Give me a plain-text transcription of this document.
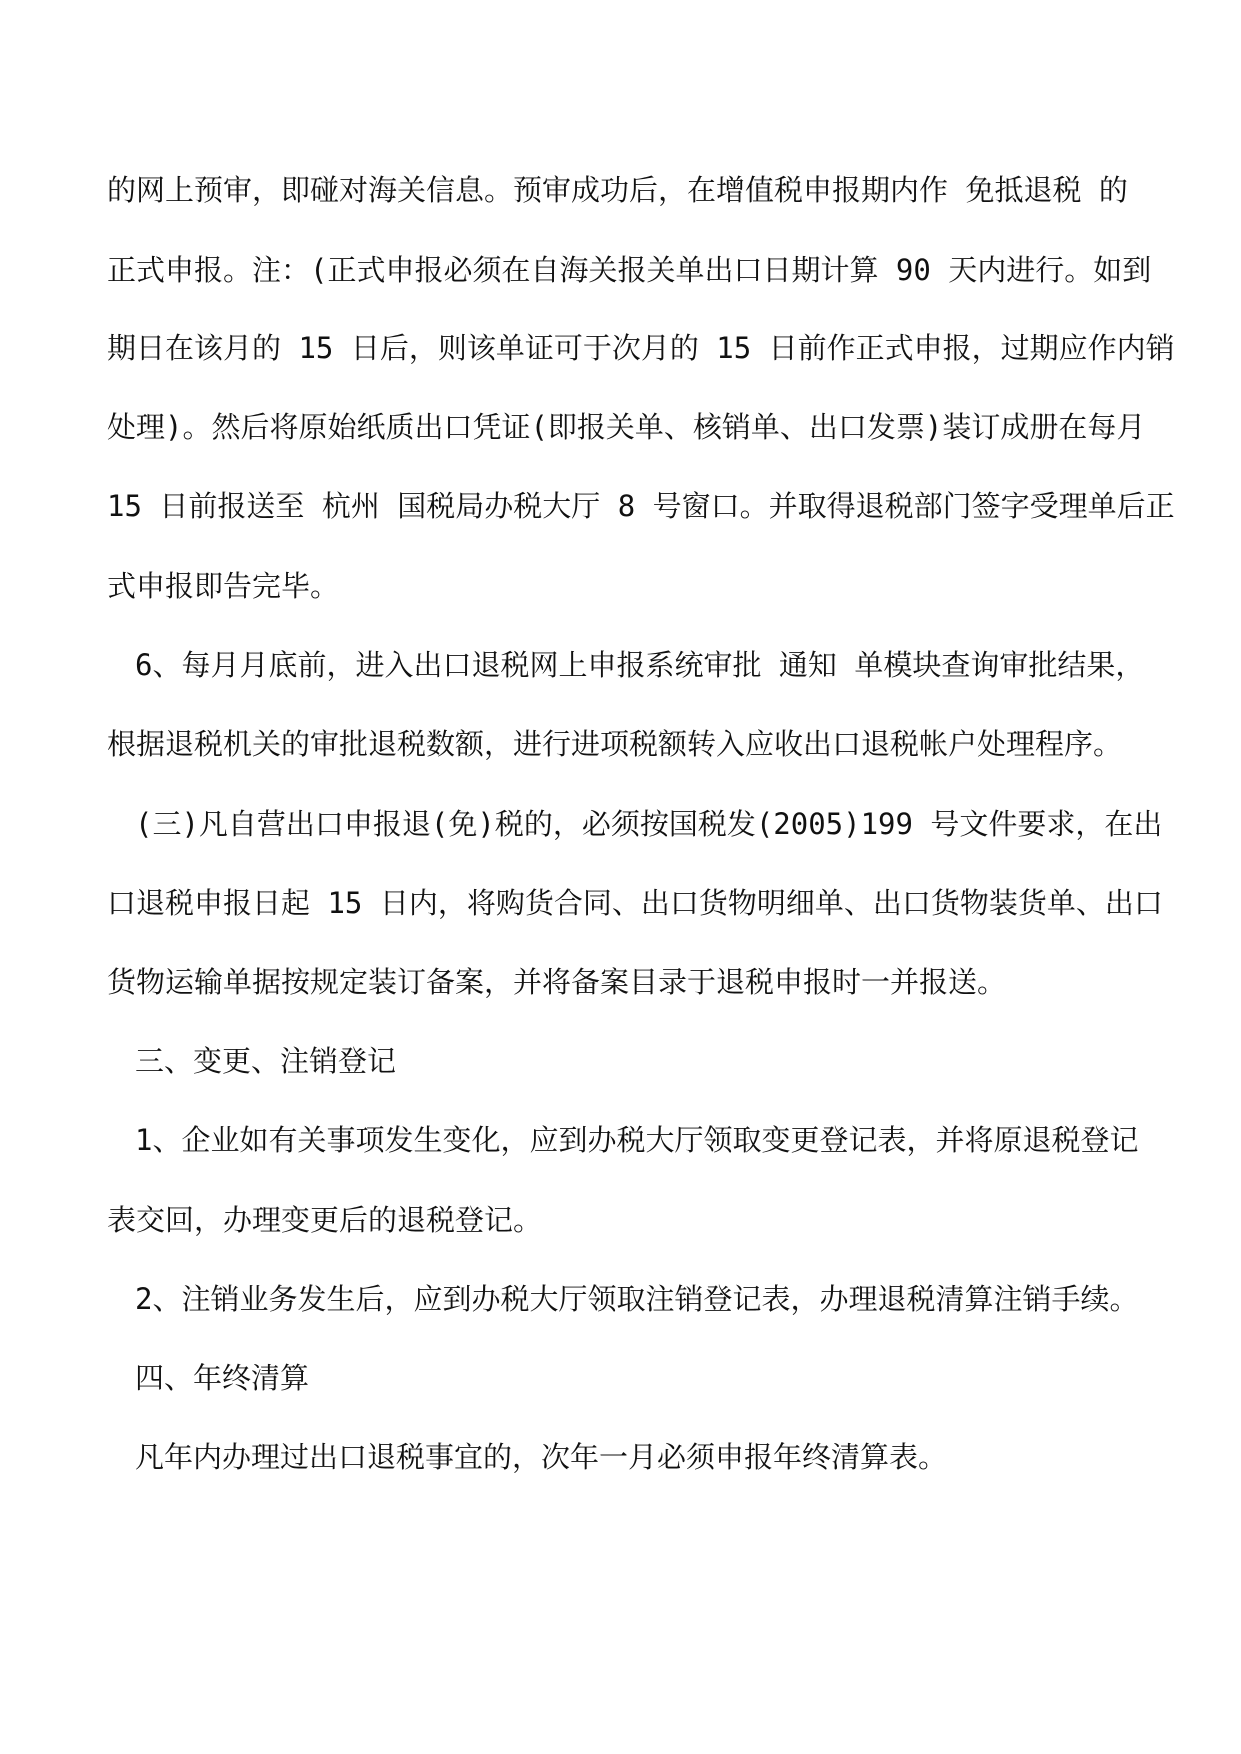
的网上预审，即碰对海关信息。预审成功后，在增值税申报期内作 免抵退税 的
正式申报。注：(正式申报必须在自海关报关单出口日期计算 90 天内进行。如到
期日在该月的 15 日后，则该单证可于次月的 15 日前作正式申报，过期应作内销
处理)。然后将原始纸质出口凭证(即报关单、核销单、出口发票)装订成册在每月
15 日前报送至 杭州 国税局办税大厅 8 号窗口。并取得退税部门签字受理单后正
式申报即告完毕。
6、每月月底前，进入出口退税网上申报系统审批 通知 单模块查询审批结果，
根据退税机关的审批退税数额，进行进项税额转入应收出口退税帐户处理程序。
(三)凡自营出口申报退(免)税的，必须按国税发(2005)199 号文件要求，在出
口退税申报日起 15 日内，将购货合同、出口货物明细单、出口货物装货单、出口
货物运输单据按规定装订备案，并将备案目录于退税申报时一并报送。
三、变更、注销登记
1、企业如有关事项发生变化，应到办税大厅领取变更登记表，并将原退税登记
表交回，办理变更后的退税登记。
2、注销业务发生后，应到办税大厅领取注销登记表，办理退税清算注销手续。
四、年终清算
凡年内办理过出口退税事宜的，次年一月必须申报年终清算表。
